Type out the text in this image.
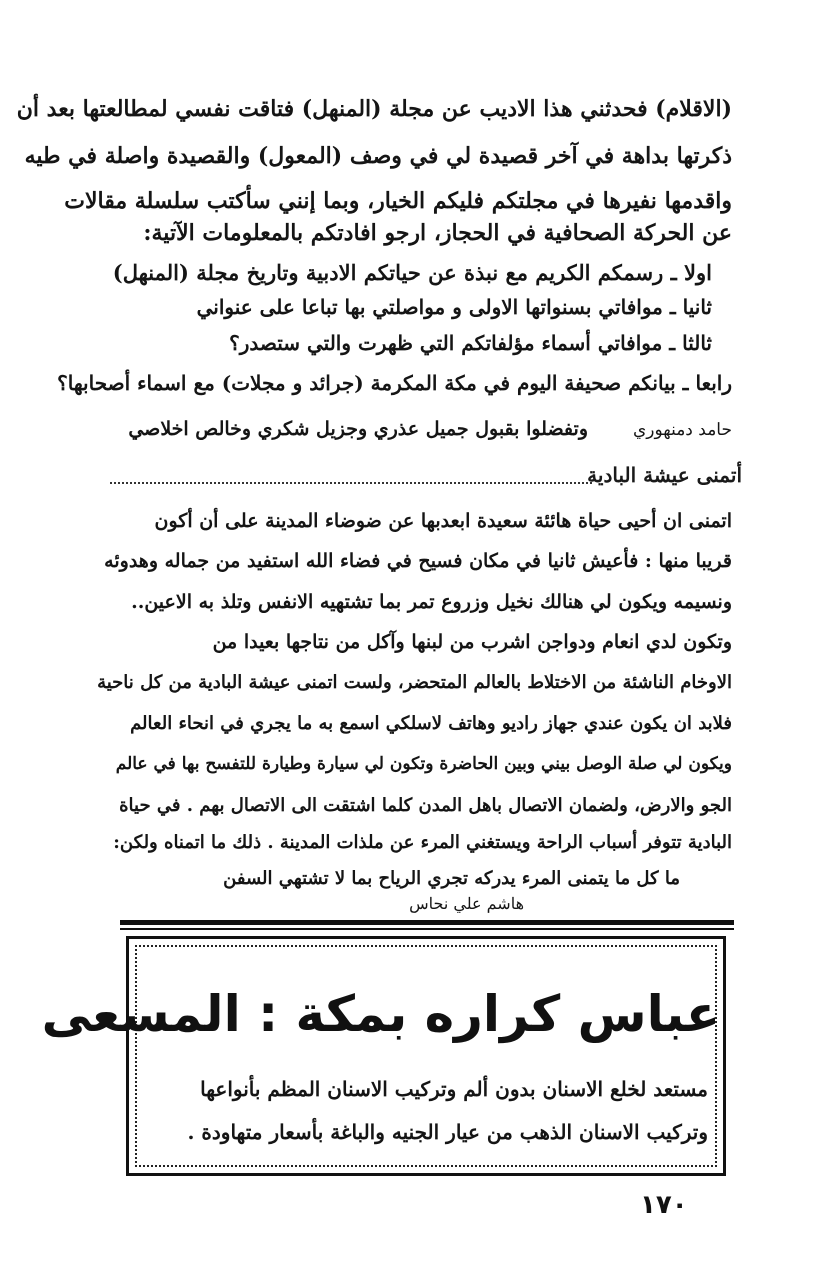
(الاقلام) فحدثني هذا الاديب عن مجلة (المنهل) فتاقت نفسي لمطالعتها بعد أن
ذكرتها بداهة في آخر قصيدة لي في وصف (المعول) والقصيدة واصلة في طيه
واقدمها نفيرها في مجلتكم فليكم الخيار، وبما إنني سأكتب سلسلة مقالات
عن الحركة الصحافية في الحجاز، ارجو افادتكم بالمعلومات الآتية:
اولا ـ رسمكم الكريم مع نبذة عن حياتكم الادبية وتاريخ مجلة (المنهل)
ثانيا ـ موافاتي بسنواتها الاولى و مواصلتي بها تباعا على عنواني
ثالثا ـ موافاتي أسماء مؤلفاتكم التي ظهرت والتي ستصدر؟
رابعا ـ بيانكم صحيفة اليوم في مكة المكرمة (جرائد و مجلات) مع اسماء أصحابها؟
وتفضلوا بقبول جميل عذري وجزيل شكري وخالص اخلاصي	حامد دمنهوري
أتمنى عيشة البادية
اتمنى ان أحيى حياة هائئة سعيدة ابعدبها عن ضوضاء المدينة على أن أكون
قريبا منها : فأعيش ثانيا في مكان فسيح في فضاء الله استفيد من جماله وهدوئه
ونسيمه ويكون لي هنالك نخيل وزروع تمر بما تشتهيه الانفس وتلذ به الاعين..
وتكون لدي انعام ودواجن اشرب من لبنها وآكل من نتاجها بعيدا من
الاوخام الناشئة من الاختلاط بالعالم المتحضر، ولست اتمنى عيشة البادية من كل ناحية
فلابد ان يكون عندي جهاز راديو وهاتف لاسلكي اسمع به ما يجري في انحاء العالم
ويكون لي صلة الوصل بيني وبين الحاضرة وتكون لي سيارة وطيارة للتفسح بها في عالم
الجو والارض، ولضمان الاتصال باهل المدن كلما اشتقت الى الاتصال بهم . في حياة
البادية تتوفر أسباب الراحة ويستغني المرء عن ملذات المدينة . ذلك ما اتمناه ولكن:
ما كل ما يتمنى المرء يدركه تجري الرياح بما لا تشتهي السفن
هاشم علي نحاس
عباس كراره بمكة : المسعى
مستعد لخلع الاسنان بدون ألم وتركيب الاسنان المظم بأنواعها
وتركيب الاسنان الذهب من عيار الجنيه والباغة بأسعار متهاودة .
١٧٠
